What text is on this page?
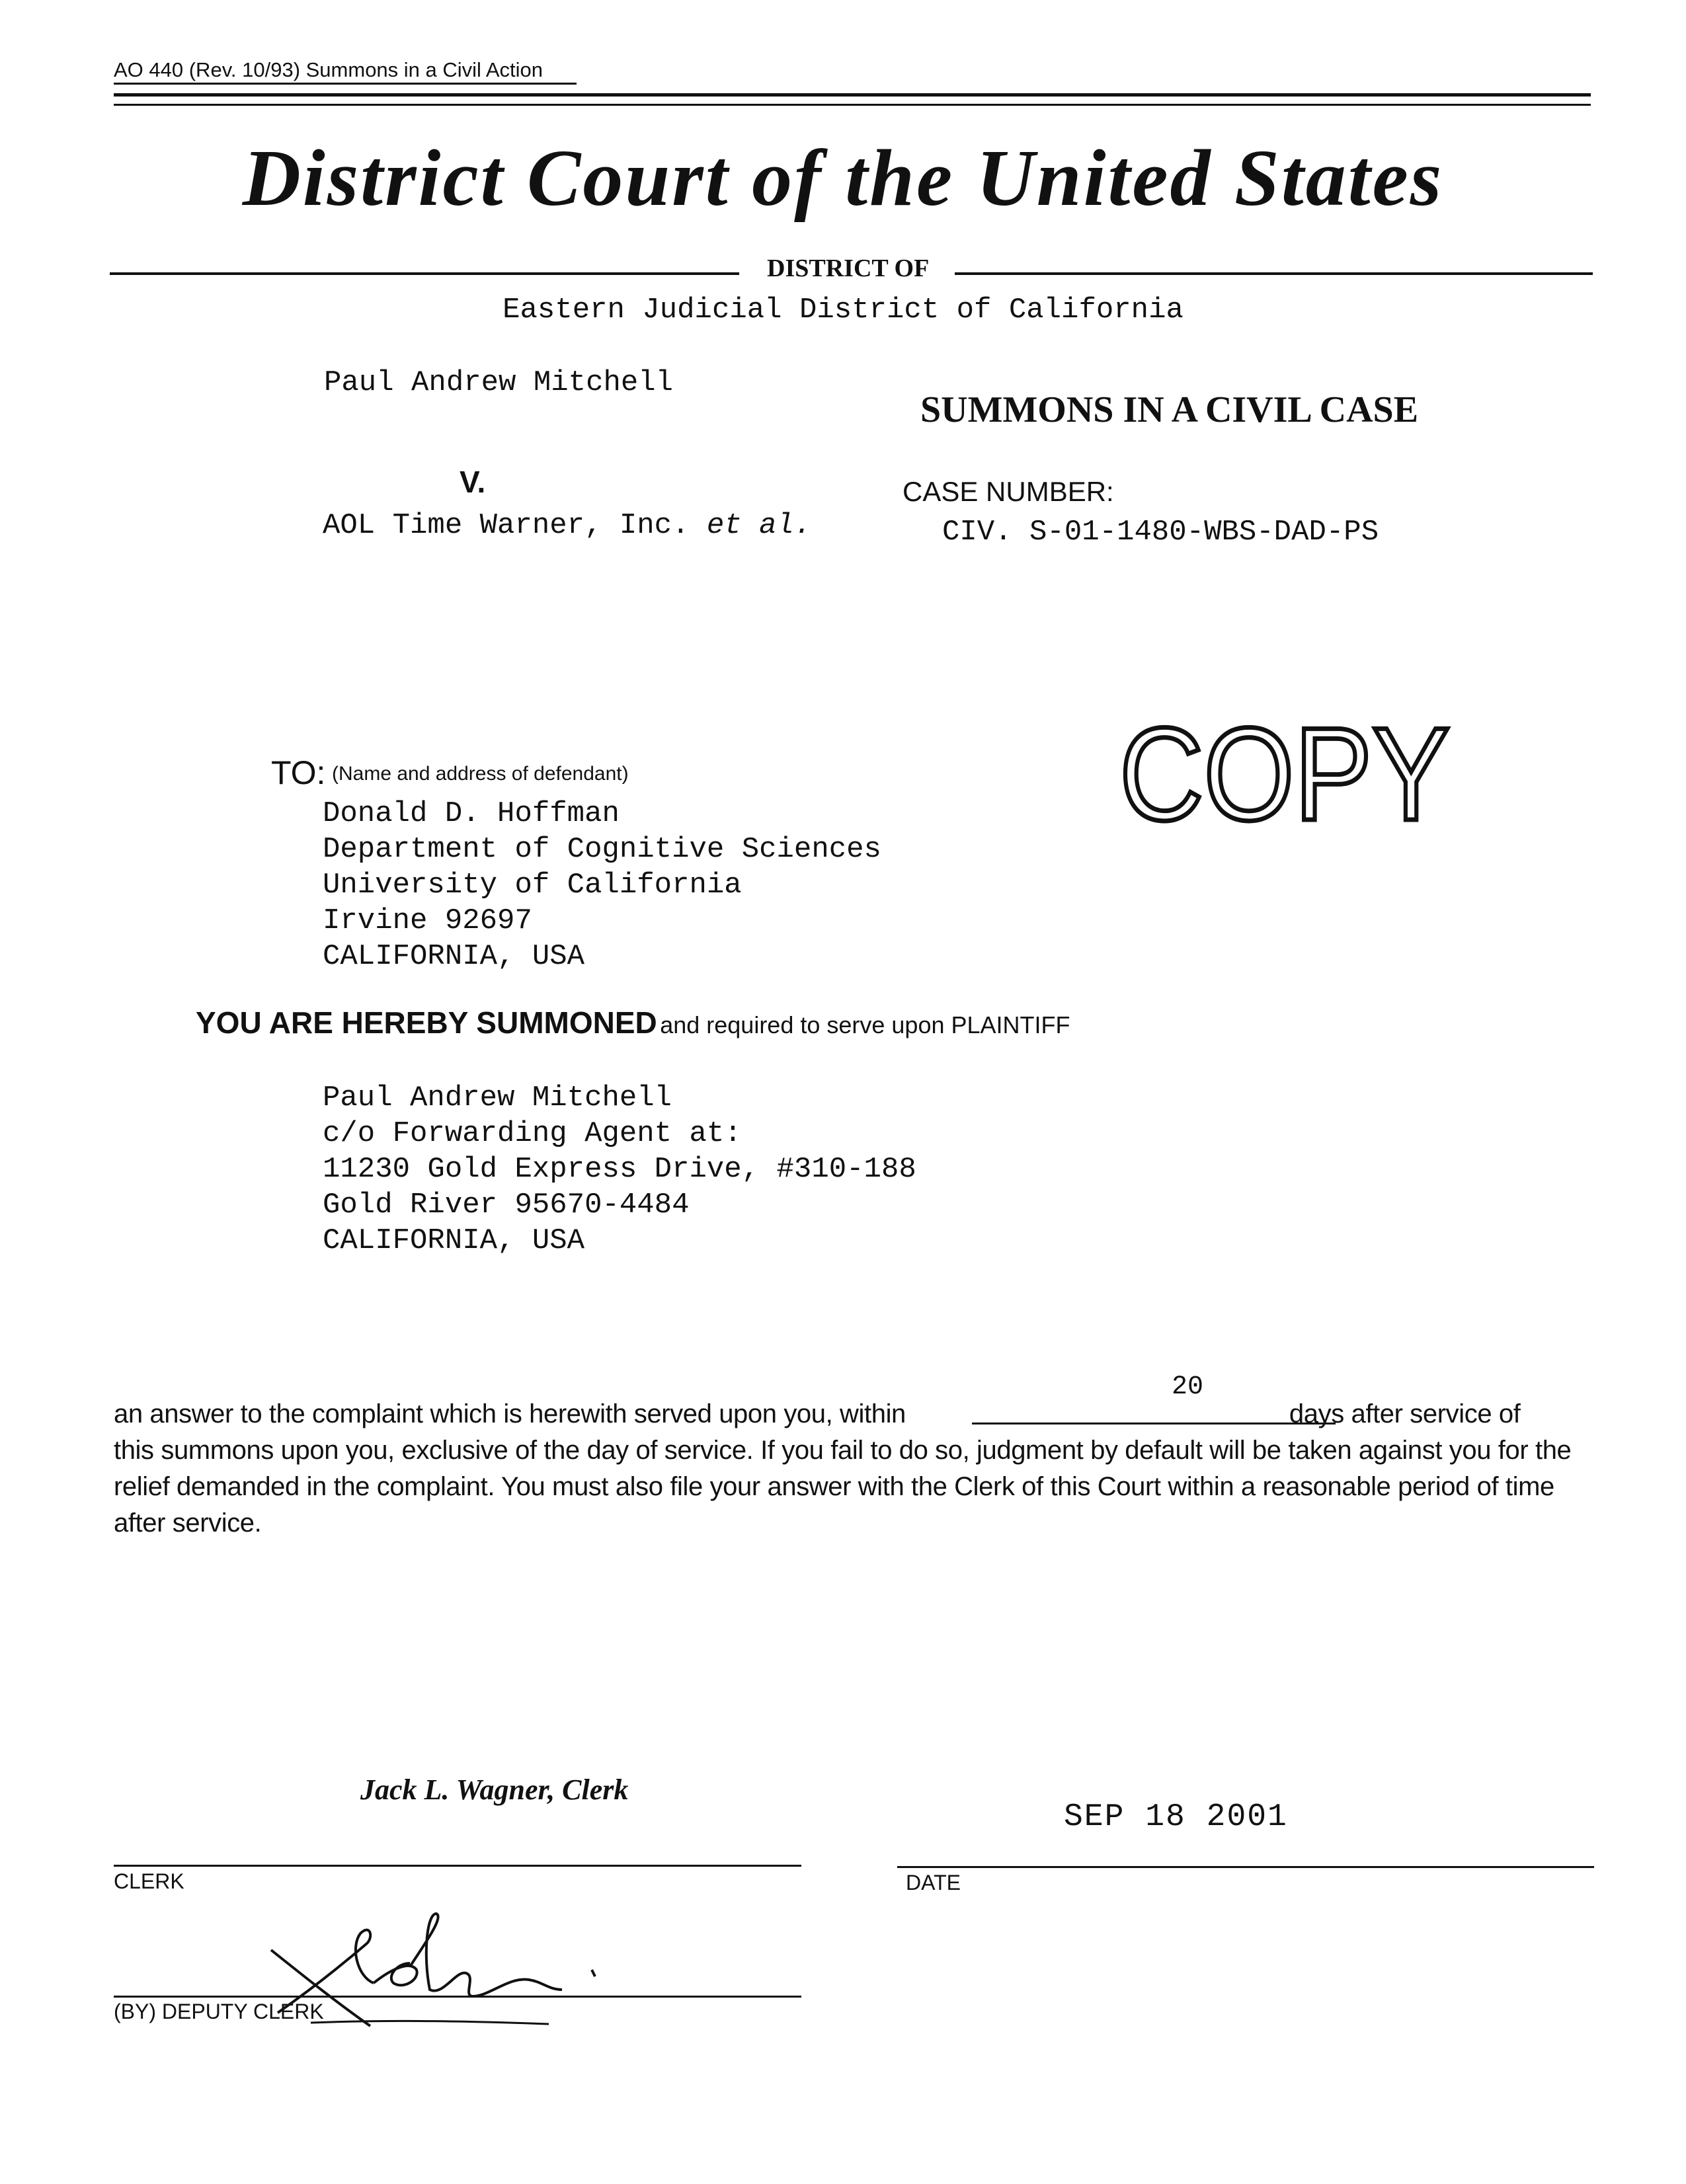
AO 440 (Rev. 10/93) Summons in a Civil Action
District Court of the United States
DISTRICT OF
Eastern Judicial District of California
Paul Andrew Mitchell
SUMMONS IN A CIVIL CASE
V.	CASE NUMBER:
AOL Time Warner, Inc. et al.	CIV. S-01-1480-WBS-DAD-PS
COPY
TO: (Name and address of defendant)
Donald D. Hoffman
Department of Cognitive Sciences
University of California
Irvine 92697
CALIFORNIA, USA
YOU ARE HEREBY SUMMONED and required to serve upon PLAINTIFF
Paul Andrew Mitchell
c/o Forwarding Agent at:
11230 Gold Express Drive, #310-188
Gold River 95670-4484
CALIFORNIA, USA
20
an answer to the complaint which is herewith served upon you, within	days after service of
this summons upon you, exclusive of the day of service. If you fail to do so, judgment by default will be taken against you for the relief demanded in the complaint. You must also file your answer with the Clerk of this Court within a reasonable period of time after service.
Jack L. Wagner, Clerk
CLERK
SEP 18 2001
DATE
(BY) DEPUTY CLERK
